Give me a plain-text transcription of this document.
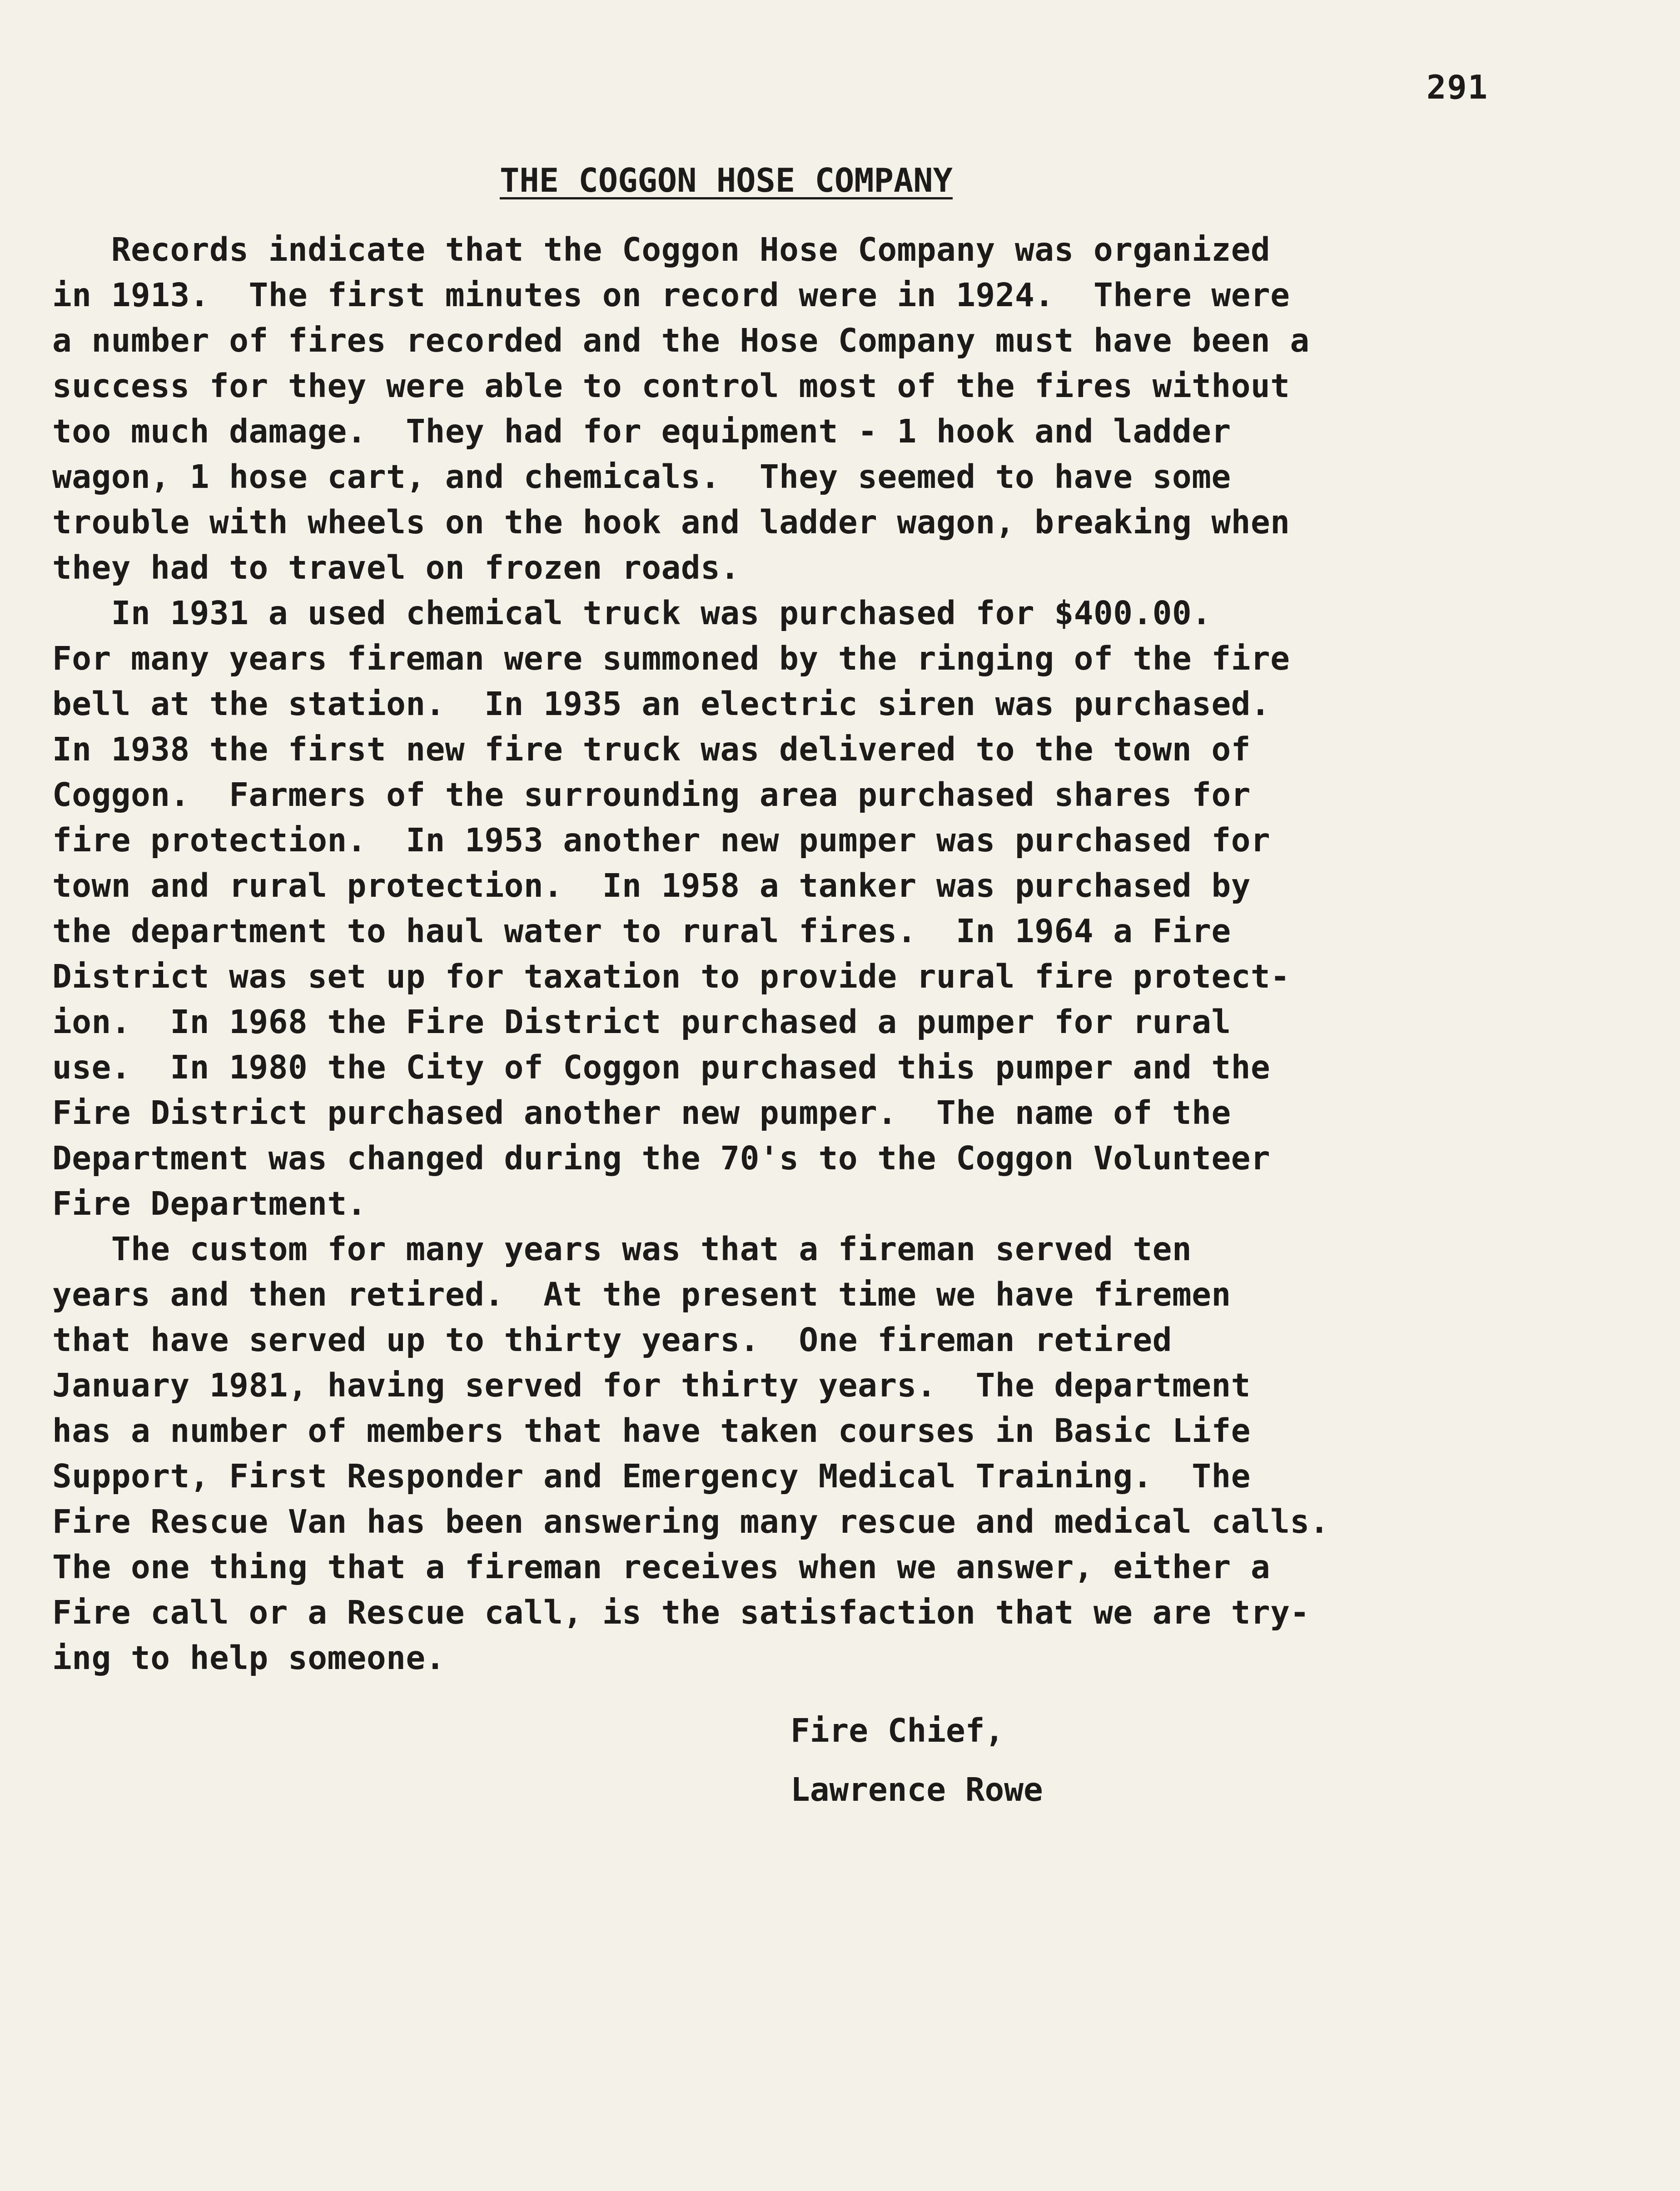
291
THE COGGON HOSE COMPANY
Records indicate that the Coggon Hose Company was organized
in 1913.  The first minutes on record were in 1924.  There were
a number of fires recorded and the Hose Company must have been a
success for they were able to control most of the fires without
too much damage.  They had for equipment - 1 hook and ladder
wagon, 1 hose cart, and chemicals.  They seemed to have some
trouble with wheels on the hook and ladder wagon, breaking when
they had to travel on frozen roads.
In 1931 a used chemical truck was purchased for $400.00.
For many years fireman were summoned by the ringing of the fire
bell at the station.  In 1935 an electric siren was purchased.
In 1938 the first new fire truck was delivered to the town of
Coggon.  Farmers of the surrounding area purchased shares for
fire protection.  In 1953 another new pumper was purchased for
town and rural protection.  In 1958 a tanker was purchased by
the department to haul water to rural fires.  In 1964 a Fire
District was set up for taxation to provide rural fire protect-
ion.  In 1968 the Fire District purchased a pumper for rural
use.  In 1980 the City of Coggon purchased this pumper and the
Fire District purchased another new pumper.  The name of the
Department was changed during the 70's to the Coggon Volunteer
Fire Department.
The custom for many years was that a fireman served ten
years and then retired.  At the present time we have firemen
that have served up to thirty years.  One fireman retired
January 1981, having served for thirty years.  The department
has a number of members that have taken courses in Basic Life
Support, First Responder and Emergency Medical Training.  The
Fire Rescue Van has been answering many rescue and medical calls.
The one thing that a fireman receives when we answer, either a
Fire call or a Rescue call, is the satisfaction that we are try-
ing to help someone.
Fire Chief,
Lawrence Rowe
